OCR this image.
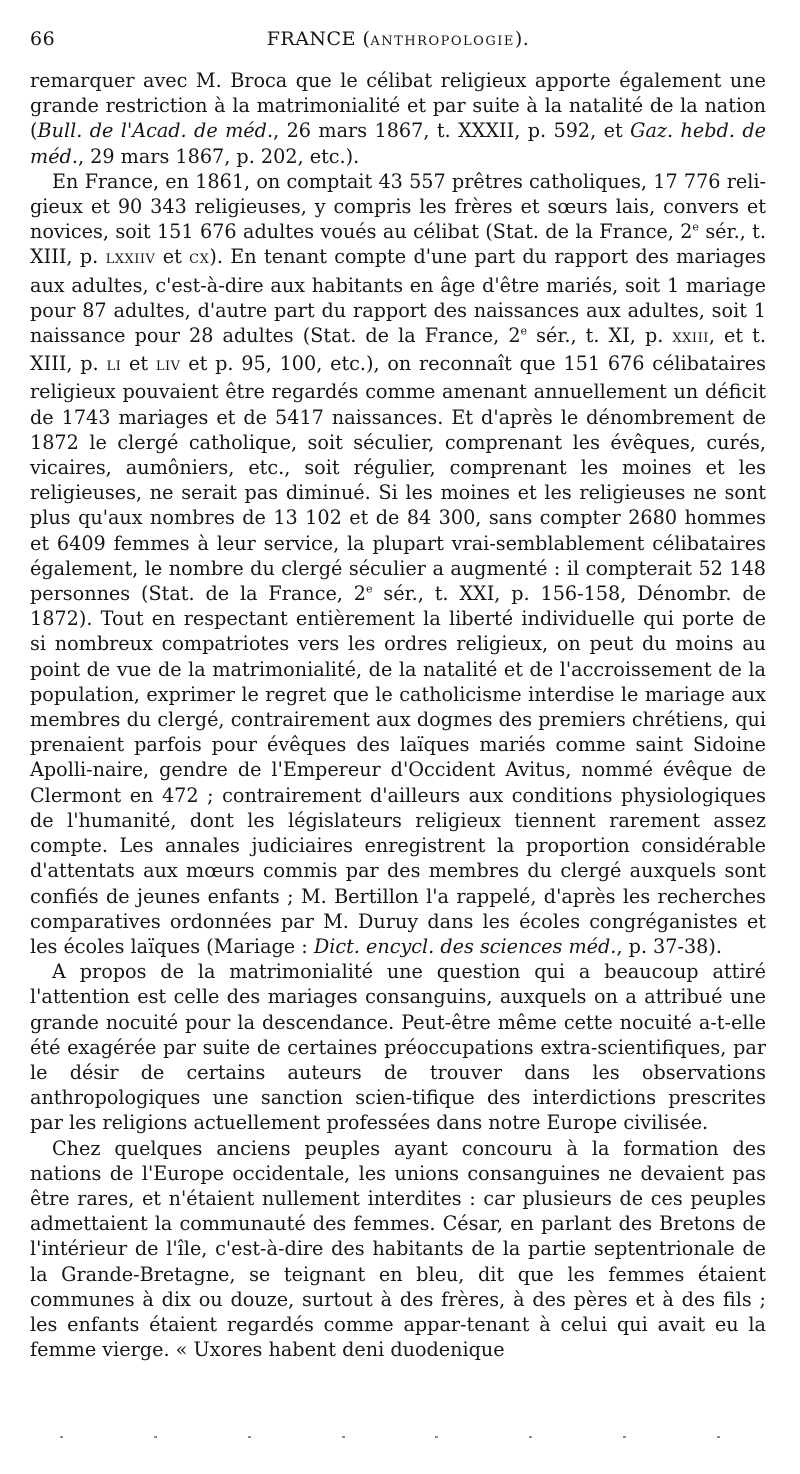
66	FRANCE (ANTHROPOLOGIE).

remarquer avec M. Broca que le célibat religieux apporte également une grande restriction à la matrimonialité et par suite à la natalité de la nation (Bull. de l'Acad. de méd., 26 mars 1867, t. XXXII, p. 592, et Gaz. hebd. de méd., 29 mars 1867, p. 202, etc.).

En France, en 1861, on comptait 43 557 prêtres catholiques, 17 776 reli-gieux et 90 343 religieuses, y compris les frères et sœurs lais, convers et novices, soit 151 676 adultes voués au célibat (Stat. de la France, 2e sér., t. XIII, p. LXXIIV et CX). En tenant compte d'une part du rapport des mariages aux adultes, c'est-à-dire aux habitants en âge d'être mariés, soit 1 mariage pour 87 adultes, d'autre part du rapport des naissances aux adultes, soit 1 naissance pour 28 adultes (Stat. de la France, 2e sér., t. XI, p. XXIII, et t. XIII, p. LI et LIV et p. 95, 100, etc.), on reconnaît que 151 676 célibataires religieux pouvaient être regardés comme amenant annuellement un déficit de 1743 mariages et de 5417 naissances. Et d'après le dénombrement de 1872 le clergé catholique, soit séculier, comprenant les évêques, curés, vicaires, aumôniers, etc., soit régulier, comprenant les moines et les religieuses, ne serait pas diminué. Si les moines et les religieuses ne sont plus qu'aux nombres de 13 102 et de 84 300, sans compter 2680 hommes et 6409 femmes à leur service, la plupart vrai-semblablement célibataires également, le nombre du clergé séculier a augmenté : il compterait 52 148 personnes (Stat. de la France, 2e sér., t. XXI, p. 156-158, Dénombr. de 1872). Tout en respectant entièrement la liberté individuelle qui porte de si nombreux compatriotes vers les ordres religieux, on peut du moins au point de vue de la matrimonialité, de la natalité et de l'accroissement de la population, exprimer le regret que le catholicisme interdise le mariage aux membres du clergé, contrairement aux dogmes des premiers chrétiens, qui prenaient parfois pour évêques des laïques mariés comme saint Sidoine Apolli-naire, gendre de l'Empereur d'Occident Avitus, nommé évêque de Clermont en 472 ; contrairement d'ailleurs aux conditions physiologiques de l'humanité, dont les législateurs religieux tiennent rarement assez compte. Les annales judiciaires enregistrent la proportion considérable d'attentats aux mœurs commis par des membres du clergé auxquels sont confiés de jeunes enfants ; M. Bertillon l'a rappelé, d'après les recherches comparatives ordonnées par M. Duruy dans les écoles congréganistes et les écoles laïques (Mariage : Dict. encycl. des sciences méd., p. 37-38).

A propos de la matrimonialité une question qui a beaucoup attiré l'attention est celle des mariages consanguins, auxquels on a attribué une grande nocuité pour la descendance. Peut-être même cette nocuité a-t-elle été exagérée par suite de certaines préoccupations extra-scientifiques, par le désir de certains auteurs de trouver dans les observations anthropologiques une sanction scien-tifique des interdictions prescrites par les religions actuellement professées dans notre Europe civilisée.

Chez quelques anciens peuples ayant concouru à la formation des nations de l'Europe occidentale, les unions consanguines ne devaient pas être rares, et n'étaient nullement interdites : car plusieurs de ces peuples admettaient la communauté des femmes. César, en parlant des Bretons de l'intérieur de l'île, c'est-à-dire des habitants de la partie septentrionale de la Grande-Bretagne, se teignant en bleu, dit que les femmes étaient communes à dix ou douze, surtout à des frères, à des pères et à des fils ; les enfants étaient regardés comme appar-tenant à celui qui avait eu la femme vierge. « Uxores habent deni duodenique
